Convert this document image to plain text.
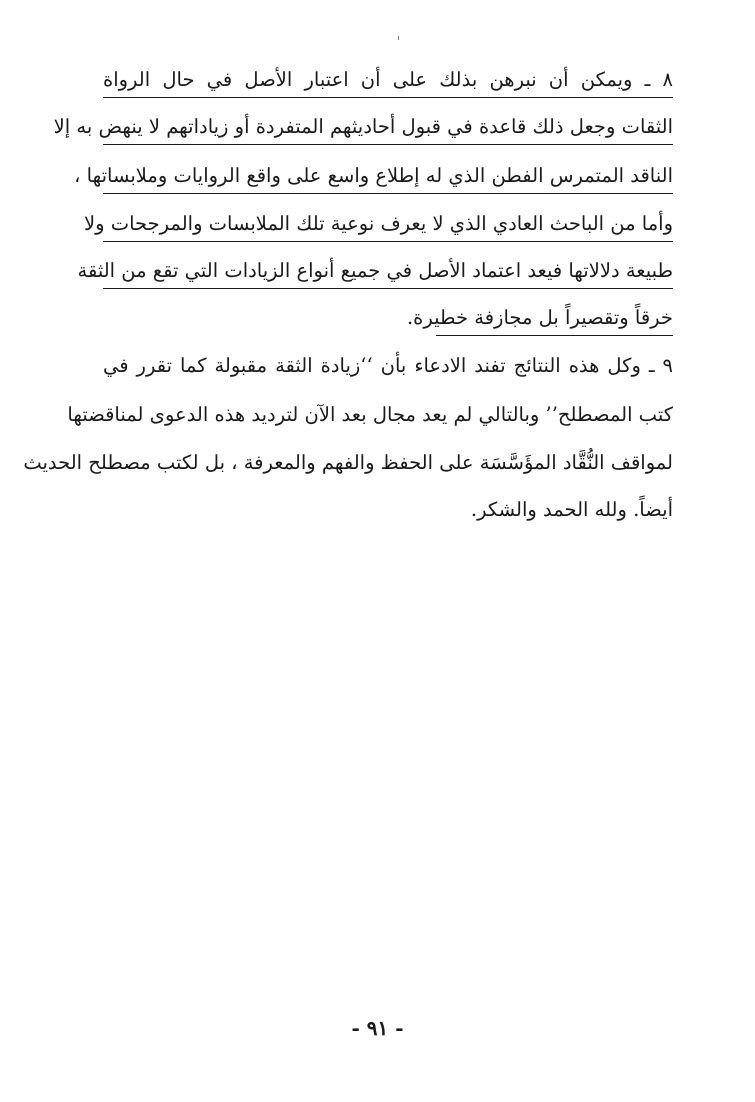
٨ ـ ويمكن أن نبرهن بذلك على أن اعتبار الأصل في حال الرواة
الثقات وجعل ذلك قاعدة في قبول أحاديثهم المتفردة أو زياداتهم لا ينهض به إلا
الناقد المتمرس الفطن الذي له إطلاع واسع على واقع الروايات وملابساتها ،
وأما من الباحث العادي الذي لا يعرف نوعية تلك الملابسات والمرجحات ولا
طبيعة دلالاتها فيعد اعتماد الأصل في جميع أنواع الزيادات التي تقع من الثقة
خرقاً وتقصيراً بل مجازفة خطيرة.
٩ ـ وكل هذه النتائج تفند الادعاء بأن ‘‘زيادة الثقة مقبولة كما تقرر في
كتب المصطلح’’ وبالتالي لم يعد مجال بعد الآن لترديد هذه الدعوى لمناقضتها
لمواقف النُّقَّاد المؤَسَّسَة على الحفظ والفهم والمعرفة ، بل لكتب مصطلح الحديث
أيضاً. ولله الحمد والشكر.
- ٩١ -
